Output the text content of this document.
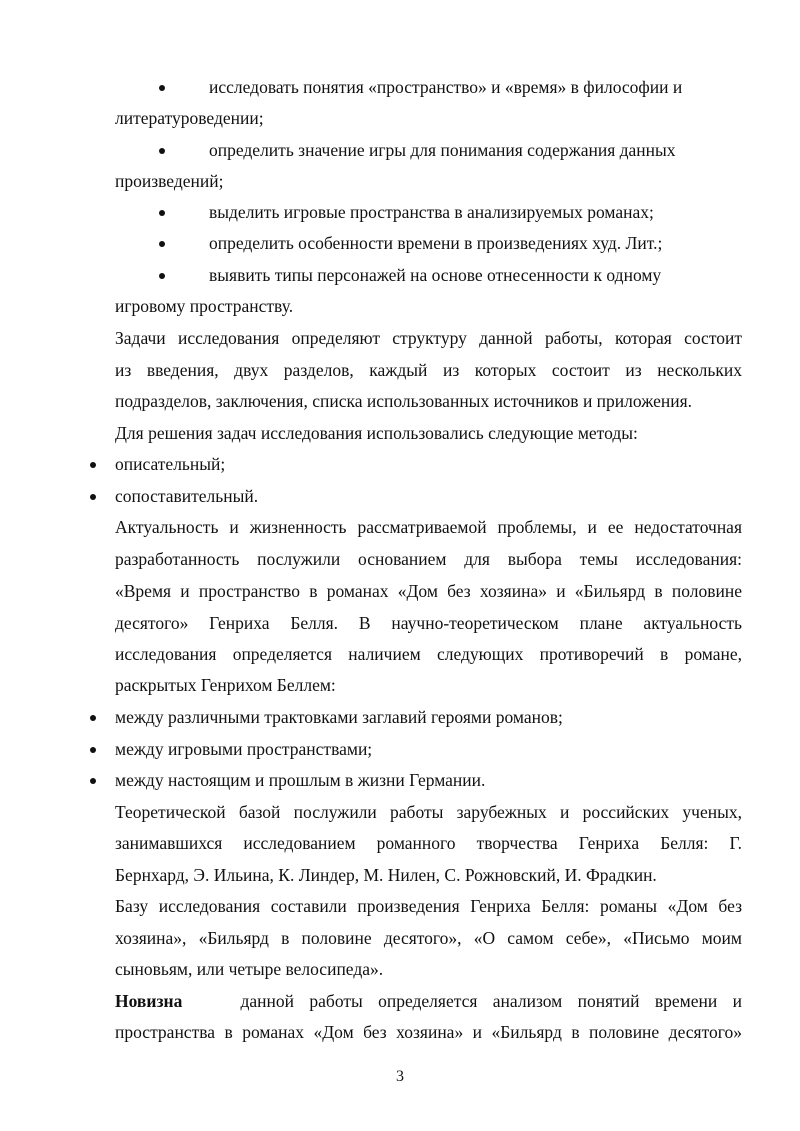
исследовать понятия «пространство» и «время» в философии и
литературоведении;
определить значение игры для понимания содержания данных
произведений;
выделить игровые пространства в анализируемых романах;
определить особенности времени в произведениях худ. Лит.;
выявить типы персонажей на основе отнесенности к одному
игровому пространству.
Задачи исследования определяют структуру данной работы, которая состоит
из введения, двух разделов, каждый из которых состоит из нескольких
подразделов, заключения, списка использованных источников и приложения.
Для решения задач исследования использовались следующие методы:
описательный;
сопоставительный.
Актуальность и жизненность рассматриваемой проблемы, и ее недостаточная
разработанность послужили основанием для выбора темы исследования:
«Время и пространство в романах «Дом без хозяина» и «Бильярд в половине
десятого» Генриха Белля. В научно-теоретическом плане актуальность
исследования определяется наличием следующих противоречий в романе,
раскрытых Генрихом Беллем:
между различными трактовками заглавий героями романов;
между игровыми пространствами;
между настоящим и прошлым в жизни Германии.
Теоретической базой послужили работы зарубежных и российских ученых,
занимавшихся исследованием романного творчества Генриха Белля: Г.
Бернхард, Э. Ильина, К. Линдер, М. Нилен, С. Рожновский, И. Фрадкин.
Базу исследования составили произведения Генриха Белля: романы «Дом без
хозяина», «Бильярд в половине десятого», «О самом себе», «Письмо моим
сыновьям, или четыре велосипеда».
Новизна	данной работы определяется анализом понятий времени и
пространства в романах «Дом без хозяина» и «Бильярд в половине десятого»
3
